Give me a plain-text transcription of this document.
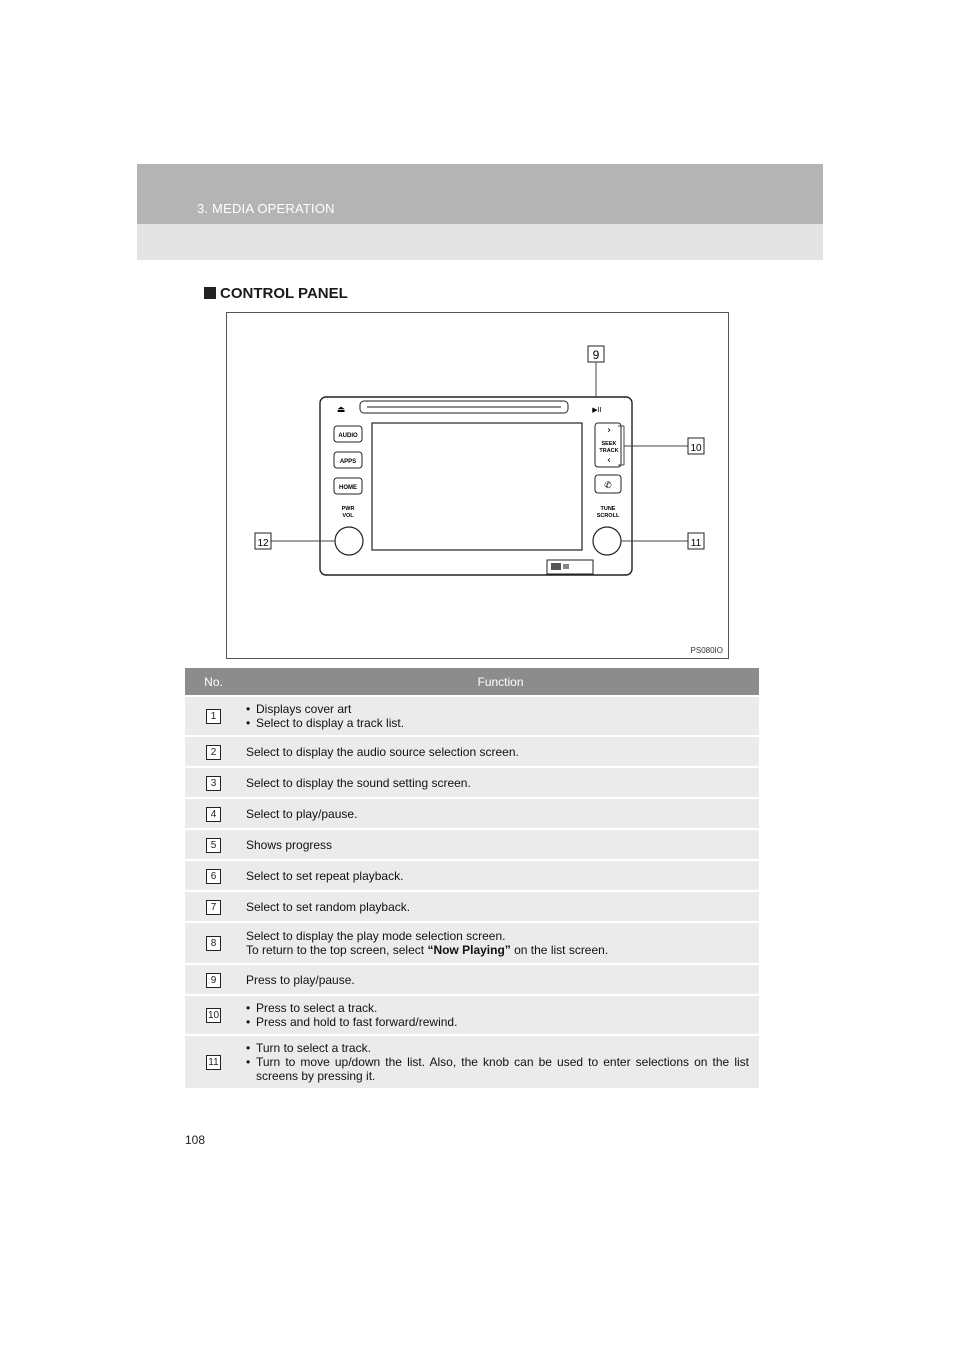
3. MEDIA OPERATION
CONTROL PANEL
⏏	▶II
AUDIO
APPS
HOME
PWR
VOL
›
SEEK
TRACK
‹
✆
TUNE
SCROLL
9
10
11
12
PS080IO
No.	Function
1	• Displays cover art
• Select to display a track list.

2	Select to display the audio source selection screen.
3	Select to display the sound setting screen.
4	Select to play/pause.
5	Shows progress
6	Select to set repeat playback.
7	Select to set random playback.
8	Select to display the play mode selection screen.
To return to the top screen, select “Now Playing” on the list screen.

9	Press to play/pause.
10	• Press to select a track.
• Press and hold to fast forward/rewind.

11	• Turn to select a track.
• Turn to move up/down the list. Also, the knob can be used to enter selections on the list screens by pressing it.
108
